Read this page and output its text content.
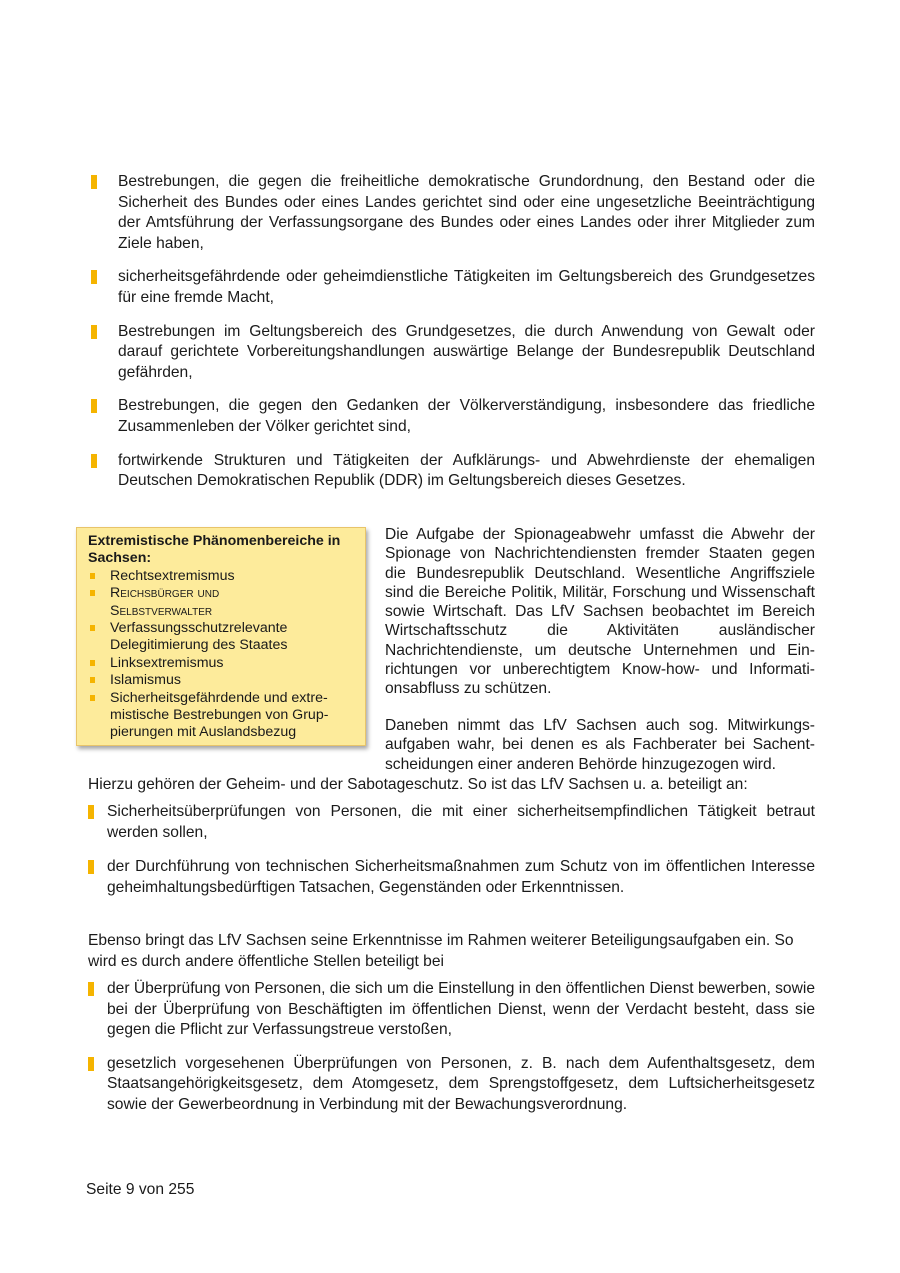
Bestrebungen, die gegen die freiheitliche demokratische Grundordnung, den Bestand oder die Sicherheit des Bundes oder eines Landes gerichtet sind oder eine ungesetzliche Beeinträchtigung der Amtsführung der Verfassungsorgane des Bundes oder eines Landes oder ihrer Mitglieder zum Ziele haben,
sicherheitsgefährdende oder geheimdienstliche Tätigkeiten im Geltungsbereich des Grundgesetzes für eine fremde Macht,
Bestrebungen im Geltungsbereich des Grundgesetzes, die durch Anwendung von Gewalt oder darauf gerichtete Vorbereitungshandlungen auswärtige Belange der Bundesrepublik Deutschland gefährden,
Bestrebungen, die gegen den Gedanken der Völkerverständigung, insbesondere das friedliche Zusammenleben der Völker gerichtet sind,
fortwirkende Strukturen und Tätigkeiten der Aufklärungs- und Abwehrdienste der ehemaligen Deutschen Demokratischen Republik (DDR) im Geltungsbereich dieses Gesetzes.

Extremistische Phänomenbereiche in Sachsen:

Rechtsextremismus
Reichsbürger und
Selbstverwalter
Verfassungsschutzrelevante Delegitimierung des Staates
Linksextremismus
Islamismus
Sicherheitsgefährdende und extremistische Bestrebungen von Gruppierungen mit Auslandsbezug

Die Aufgabe der Spionageabwehr umfasst die Abwehr der Spionage von Nachrichtendiensten fremder Staaten gegen die Bundesrepublik Deutschland. Wesentliche Angriffsziele sind die Bereiche Politik, Militär, Forschung und Wissenschaft sowie Wirtschaft. Das LfV Sachsen beobachtet im Bereich Wirtschaftsschutz die Aktivitäten ausländischer Nachrichtendienste, um deutsche Unternehmen und Einrichtungen vor unberechtigtem Know-how- und Informationsabfluss zu schützen.

Daneben nimmt das LfV Sachsen auch sog. Mitwirkungsaufgaben wahr, bei denen es als Fachberater bei Sachentscheidungen einer anderen Behörde hinzugezogen wird.

Hierzu gehören der Geheim- und der Sabotageschutz. So ist das LfV Sachsen u. a. beteiligt an:

Sicherheitsüberprüfungen von Personen, die mit einer sicherheitsempfindlichen Tätigkeit betraut werden sollen,
der Durchführung von technischen Sicherheitsmaßnahmen zum Schutz von im öffentlichen Interesse geheimhaltungsbedürftigen Tatsachen, Gegenständen oder Erkenntnissen.

Ebenso bringt das LfV Sachsen seine Erkenntnisse im Rahmen weiterer Beteiligungsaufgaben ein. So wird es durch andere öffentliche Stellen beteiligt bei

der Überprüfung von Personen, die sich um die Einstellung in den öffentlichen Dienst bewerben, sowie bei der Überprüfung von Beschäftigten im öffentlichen Dienst, wenn der Verdacht besteht, dass sie gegen die Pflicht zur Verfassungstreue verstoßen,
gesetzlich vorgesehenen Überprüfungen von Personen, z. B. nach dem Aufenthaltsgesetz, dem Staatsangehörigkeitsgesetz, dem Atomgesetz, dem Sprengstoffgesetz, dem Luftsicherheitsgesetz sowie der Gewerbeordnung in Verbindung mit der Bewachungsverordnung.

Seite 9 von 255
